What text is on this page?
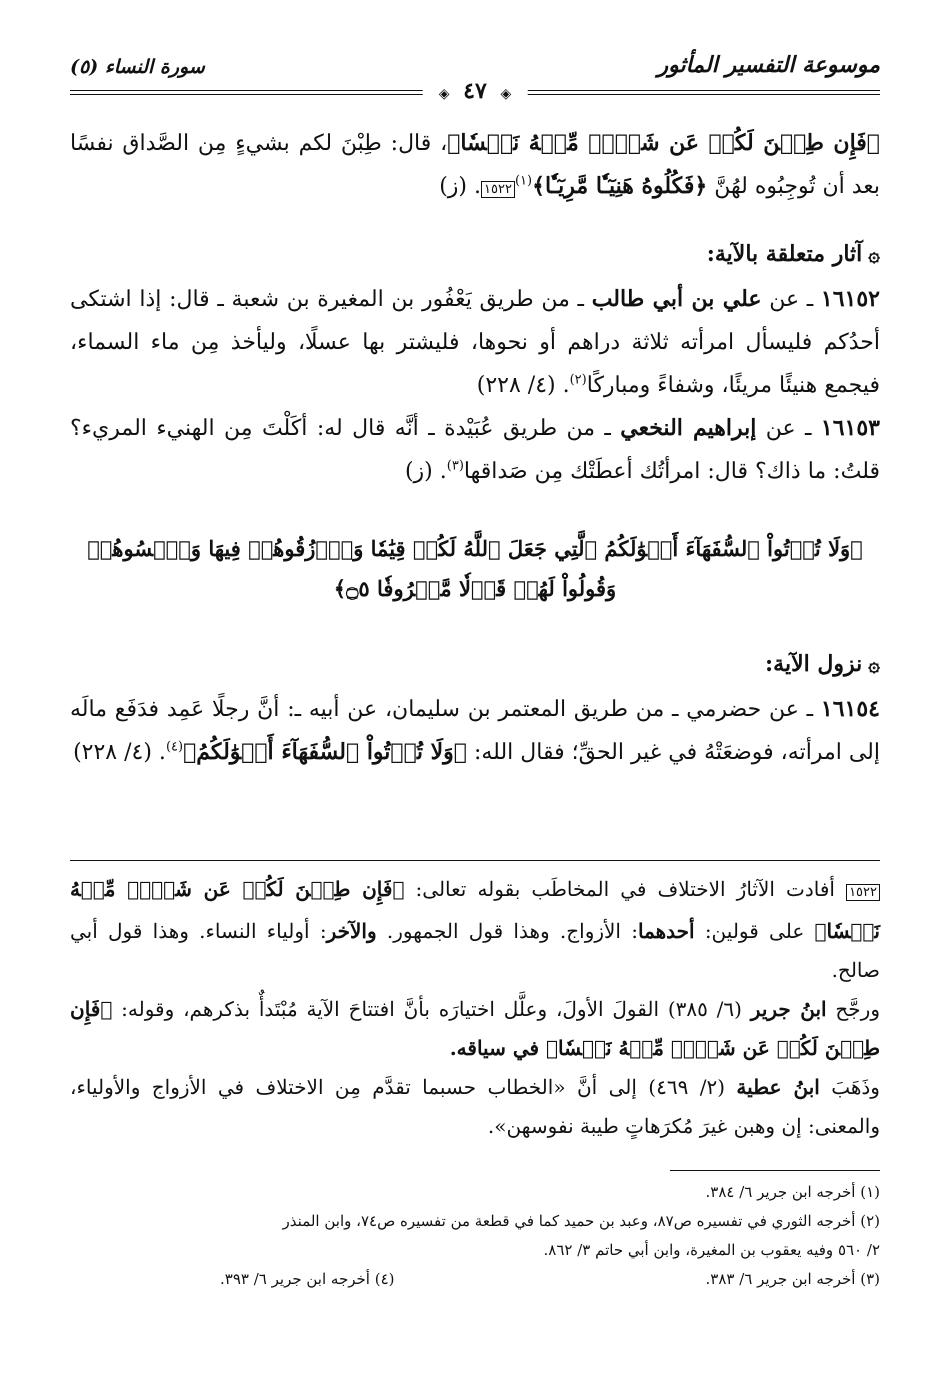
موسوعة التفسير المأثور
سورة النساء (٥)
◈ ٤٧ ◈

﴿فَإِن طِبۡنَ لَكُمۡ عَن شَيۡءٖ مِّنۡهُ نَفۡسٗا﴾، قال: طِبْنَ لكم بشيءٍ مِن الصَّداق نفسًا بعد أن تُوجِبُوه لهُنَّ ﴿فَكُلُوهُ هَنِيٓـٔٗا مَّرِيٓـٔٗا﴾$^{(١)}$١٥٢٢. (ز)

۞آثار متعلقة بالآية:

١٦١٥٢ ـ عن علي بن أبي طالب ـ من طريق يَعْفُور بن المغيرة بن شعبة ـ قال: إذا اشتكى أحدُكم فليسأل امرأته ثلاثة دراهم أو نحوها، فليشتر بها عسلًا، وليأخذ مِن ماء السماء، فيجمع هنيئًا مريئًا، وشفاءً ومباركًا$^{(٢)}$. (٤/ ٢٢٨)

١٦١٥٣ ـ عن إبراهيم النخعي ـ من طريق عُبَيْدة ـ أنَّه قال له: أكَلْتَ مِن الهنيء المريء؟ قلتُ: ما ذاك؟ قال: امرأتُك أعطَتْك مِن صَداقها$^{(٣)}$. (ز)

﴿وَلَا تُؤۡتُواْ ٱلسُّفَهَآءَ أَمۡوَٰلَكُمُ ٱلَّتِي جَعَلَ ٱللَّهُ لَكُمۡ قِيَٰمٗا وَٱرۡزُقُوهُمۡ فِيهَا وَٱكۡسُوهُمۡ
وَقُولُواْ لَهُمۡ قَوۡلٗا مَّعۡرُوفٗا ۝٥﴾

۞نزول الآية:

١٦١٥٤ ـ عن حضرمي ـ من طريق المعتمر بن سليمان، عن أبيه ـ: أنَّ رجلًا عَمِد فدَفَع مالَه إلى امرأته، فوضعَتْهُ في غير الحقِّ؛ فقال الله: ﴿وَلَا تُؤۡتُواْ ٱلسُّفَهَآءَ أَمۡوَٰلَكُمُ﴾$^{(٤)}$. (٤/ ٢٢٨)

١٥٢٢ أفادت الآثارُ الاختلاف في المخاطَب بقوله تعالى: ﴿فَإِن طِبۡنَ لَكُمۡ عَن شَيۡءٖ مِّنۡهُ نَفۡسٗا﴾ على قولين: أحدهما: الأزواج. وهذا قول الجمهور. والآخر: أولياء النساء. وهذا قول أبي صالح.

ورجَّح ابنُ جرير (٦/ ٣٨٥) القولَ الأولَ، وعلَّل اختيارَه بأنَّ افتتاحَ الآية مُبْتَدأٌ بذكرهم، وقوله: ﴿فَإِن طِبۡنَ لَكُمۡ عَن شَيۡءٖ مِّنۡهُ نَفۡسٗا﴾ في سياقه.

وذَهَبَ ابنُ عطية (٢/ ٤٦٩) إلى أنَّ «الخطاب حسبما تقدَّم مِن الاختلاف في الأزواج والأولياء، والمعنى: إن وهبن غيرَ مُكرَهاتٍ طيبة نفوسهن».

(١) أخرجه ابن جرير ٦/ ٣٨٤.
(٢) أخرجه الثوري في تفسيره ص٨٧، وعبد بن حميد كما في قطعة من تفسيره ص٧٤، وابن المنذر
٢/ ٥٦٠ وفيه يعقوب بن المغيرة، وابن أبي حاتم ٣/ ٨٦٢.
(٣) أخرجه ابن جرير ٦/ ٣٨٣.
(٤) أخرجه ابن جرير ٦/ ٣٩٣.
